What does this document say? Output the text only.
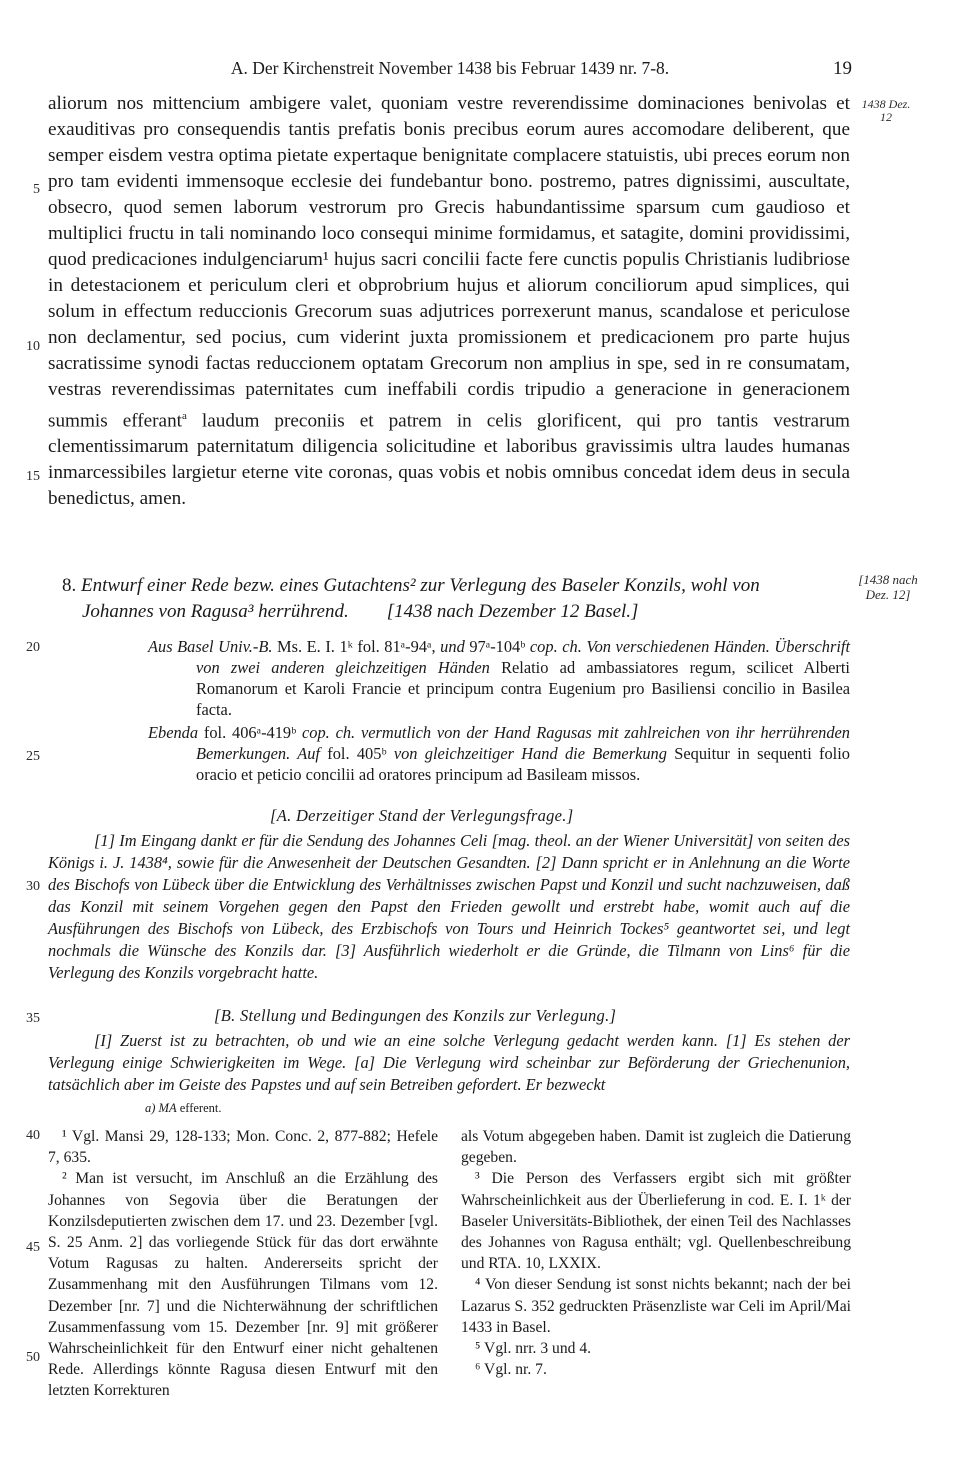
A. Der Kirchenstreit November 1438 bis Februar 1439 nr. 7-8.	19
1438 Dez. 12
[1438 nach Dez. 12]
5
10
15
20
25
30
35
40
45
50

aliorum nos mittencium ambigere valet, quoniam vestre reverendissime dominaciones benivolas et exauditivas pro consequendis tantis prefatis bonis precibus eorum aures accomodare deliberent, que semper eisdem vestra optima pietate expertaque benignitate complacere statuistis, ubi preces eorum non pro tam evidenti immensoque ecclesie dei fundebantur bono. postremo, patres dignissimi, auscultate, obsecro, quod semen laborum vestrorum pro Grecis habundantissime sparsum cum gaudioso et multiplici fructu in tali nominando loco consequi minime formidamus, et satagite, domini providissimi, quod predicaciones indulgenciarum¹ hujus sacri concilii facte fere cunctis populis Christianis ludibriose in detestacionem et periculum cleri et obprobrium hujus et aliorum conciliorum apud simplices, qui solum in effectum reduccionis Grecorum suas adjutrices porrexerunt manus, scandalose et periculose non declamentur, sed pocius, cum viderint juxta promissionem et predicacionem pro parte hujus sacratissime synodi factas reduccionem optatam Grecorum non amplius in spe, sed in re consumatam, vestras reverendissimas paternitates cum ineffabili cordis tripudio a generacione in generacionem summis efferant$^a$ laudum preconiis et patrem in celis glorificent, qui pro tantis vestrarum clementissimarum paternitatum diligencia solicitudine et laboribus gravissimis ultra laudes humanas inmarcessibiles largietur eterne vite coronas, quas vobis et nobis omnibus concedat idem deus in secula benedictus, amen.

8. Entwurf einer Rede bezw. eines Gutachtens² zur Verlegung des Baseler Konzils, wohl von
Johannes von Ragusa³ herrührend. [1438 nach Dezember 12 Basel.]

Aus Basel Univ.-B. Ms. E. I. 1ᵏ fol. 81ᵃ-94ᵃ, und 97ᵃ-104ᵇ cop. ch. Von verschiedenen Händen. Überschrift von zwei anderen gleichzeitigen Händen Relatio ad ambassiatores regum, scilicet Alberti Romanorum et Karoli Francie et principum contra Eugenium pro Basiliensi concilio in Basilea facta.

Ebenda fol. 406ᵃ-419ᵇ cop. ch. vermutlich von der Hand Ragusas mit zahlreichen von ihr herrührenden Bemerkungen. Auf fol. 405ᵇ von gleichzeitiger Hand die Bemerkung Sequitur in sequenti folio oracio et peticio concilii ad oratores principum ad Basileam missos.

[A. Derzeitiger Stand der Verlegungsfrage.]

[1] Im Eingang dankt er für die Sendung des Johannes Celi [mag. theol. an der Wiener Universität] von seiten des Königs i. J. 1438⁴, sowie für die Anwesenheit der Deutschen Gesandten. [2] Dann spricht er in Anlehnung an die Worte des Bischofs von Lübeck über die Entwicklung des Verhältnisses zwischen Papst und Konzil und sucht nachzuweisen, daß das Konzil mit seinem Vorgehen gegen den Papst den Frieden gewollt und erstrebt habe, womit auch auf die Ausführungen des Bischofs von Lübeck, des Erzbischofs von Tours und Heinrich Tockes⁵ geantwortet sei, und legt nochmals die Wünsche des Konzils dar. [3] Ausführlich wiederholt er die Gründe, die Tilmann von Lins⁶ für die Verlegung des Konzils vorgebracht hatte.

[B. Stellung und Bedingungen des Konzils zur Verlegung.]

[I] Zuerst ist zu betrachten, ob und wie an eine solche Verlegung gedacht werden kann. [1] Es stehen der Verlegung einige Schwierigkeiten im Wege. [a] Die Verlegung wird scheinbar zur Beförderung der Griechenunion, tatsächlich aber im Geiste des Papstes und auf sein Betreiben gefordert. Er bezweckt

a) MA efferent.

¹ Vgl. Mansi 29, 128-133; Mon. Conc. 2, 877-882; Hefele 7, 635.

² Man ist versucht, im Anschluß an die Erzählung des Johannes von Segovia über die Beratungen der Konzilsdeputierten zwischen dem 17. und 23. Dezember [vgl. S. 25 Anm. 2] das vorliegende Stück für das dort erwähnte Votum Ragusas zu halten. Andererseits spricht der Zusammenhang mit den Ausführungen Tilmans vom 12. Dezember [nr. 7] und die Nichterwähnung der schriftlichen Zusammenfassung vom 15. Dezember [nr. 9] mit größerer Wahrscheinlichkeit für den Entwurf einer nicht gehaltenen Rede. Allerdings könnte Ragusa diesen Entwurf mit den letzten Korrekturen

als Votum abgegeben haben. Damit ist zugleich die Datierung gegeben.

³ Die Person des Verfassers ergibt sich mit größter Wahrscheinlichkeit aus der Überlieferung in cod. E. I. 1ᵏ der Baseler Universitäts-Bibliothek, der einen Teil des Nachlasses des Johannes von Ragusa enthält; vgl. Quellenbeschreibung und RTA. 10, LXXIX.

⁴ Von dieser Sendung ist sonst nichts bekannt; nach der bei Lazarus S. 352 gedruckten Präsenzliste war Celi im April/Mai 1433 in Basel.

⁵ Vgl. nrr. 3 und 4.

⁶ Vgl. nr. 7.
